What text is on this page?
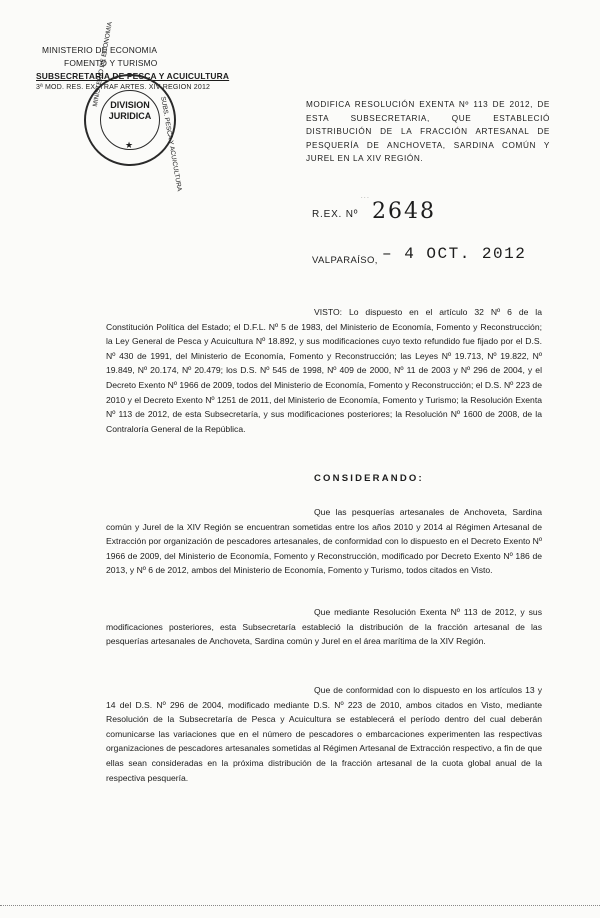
MINISTERIO DE ECONOMIA
FOMENTO Y TURISMO
SUBSECRETARIA DE PESCA Y ACUICULTURA
3ª MOD. RES. EX. TRAF ARTES. XIV REGION 2012
MINISTERIO DE ECONOMIA
SUBS. PESCA Y ACUICULTURA
DIVISION
JURIDICA
★
MODIFICA RESOLUCIÓN EXENTA Nº 113 DE 2012, DE ESTA SUBSECRETARIA, QUE ESTABLECIÓ DISTRIBUCIÓN DE LA FRACCIÓN ARTESANAL DE PESQUERÍA DE ANCHOVETA, SARDINA COMÚN Y JUREL EN LA XIV REGIÓN.
· · ·
R.EX. Nº 2648
VALPARAÍSO, – 4 OCT. 2012
VISTO: Lo dispuesto en el artículo 32 Nº 6 de la Constitución Política del Estado; el D.F.L. Nº 5 de 1983, del Ministerio de Economía, Fomento y Reconstrucción; la Ley General de Pesca y Acuicultura Nº 18.892, y sus modificaciones cuyo texto refundido fue fijado por el D.S. Nº 430 de 1991, del Ministerio de Economía, Fomento y Reconstrucción; las Leyes Nº 19.713, Nº 19.822, Nº 19.849, Nº 20.174, Nº 20.479; los D.S. Nº 545 de 1998, Nº 409 de 2000, Nº 11 de 2003 y Nº 296 de 2004, y el Decreto Exento Nº 1966 de 2009, todos del Ministerio de Economía, Fomento y Reconstrucción; el D.S. Nº 223 de 2010 y el Decreto Exento Nº 1251 de 2011, del Ministerio de Economía, Fomento y Turismo; la Resolución Exenta Nº 113 de 2012, de esta Subsecretaría, y sus modificaciones posteriores; la Resolución Nº 1600 de 2008, de la Contraloría General de la República.
CONSIDERANDO:
Que las pesquerías artesanales de Anchoveta, Sardina común y Jurel de la XIV Región se encuentran sometidas entre los años 2010 y 2014 al Régimen Artesanal de Extracción por organización de pescadores artesanales, de conformidad con lo dispuesto en el Decreto Exento Nº 1966 de 2009, del Ministerio de Economía, Fomento y Reconstrucción, modificado por Decreto Exento Nº 186 de 2013, y Nº 6 de 2012, ambos del Ministerio de Economía, Fomento y Turismo, todos citados en Visto.
Que mediante Resolución Exenta Nº 113 de 2012, y sus modificaciones posteriores, esta Subsecretaría estableció la distribución de la fracción artesanal de las pesquerías artesanales de Anchoveta, Sardina común y Jurel en el área marítima de la XIV Región.
Que de conformidad con lo dispuesto en los artículos 13 y 14 del D.S. Nº 296 de 2004, modificado mediante D.S. Nº 223 de 2010, ambos citados en Visto, mediante Resolución de la Subsecretaría de Pesca y Acuicultura se establecerá el período dentro del cual deberán comunicarse las variaciones que en el número de pescadores o embarcaciones experimenten las respectivas organizaciones de pescadores artesanales sometidas al Régimen Artesanal de Extracción respectivo, a fin de que ellas sean consideradas en la próxima distribución de la fracción artesanal de la cuota global anual de la respectiva pesquería.
